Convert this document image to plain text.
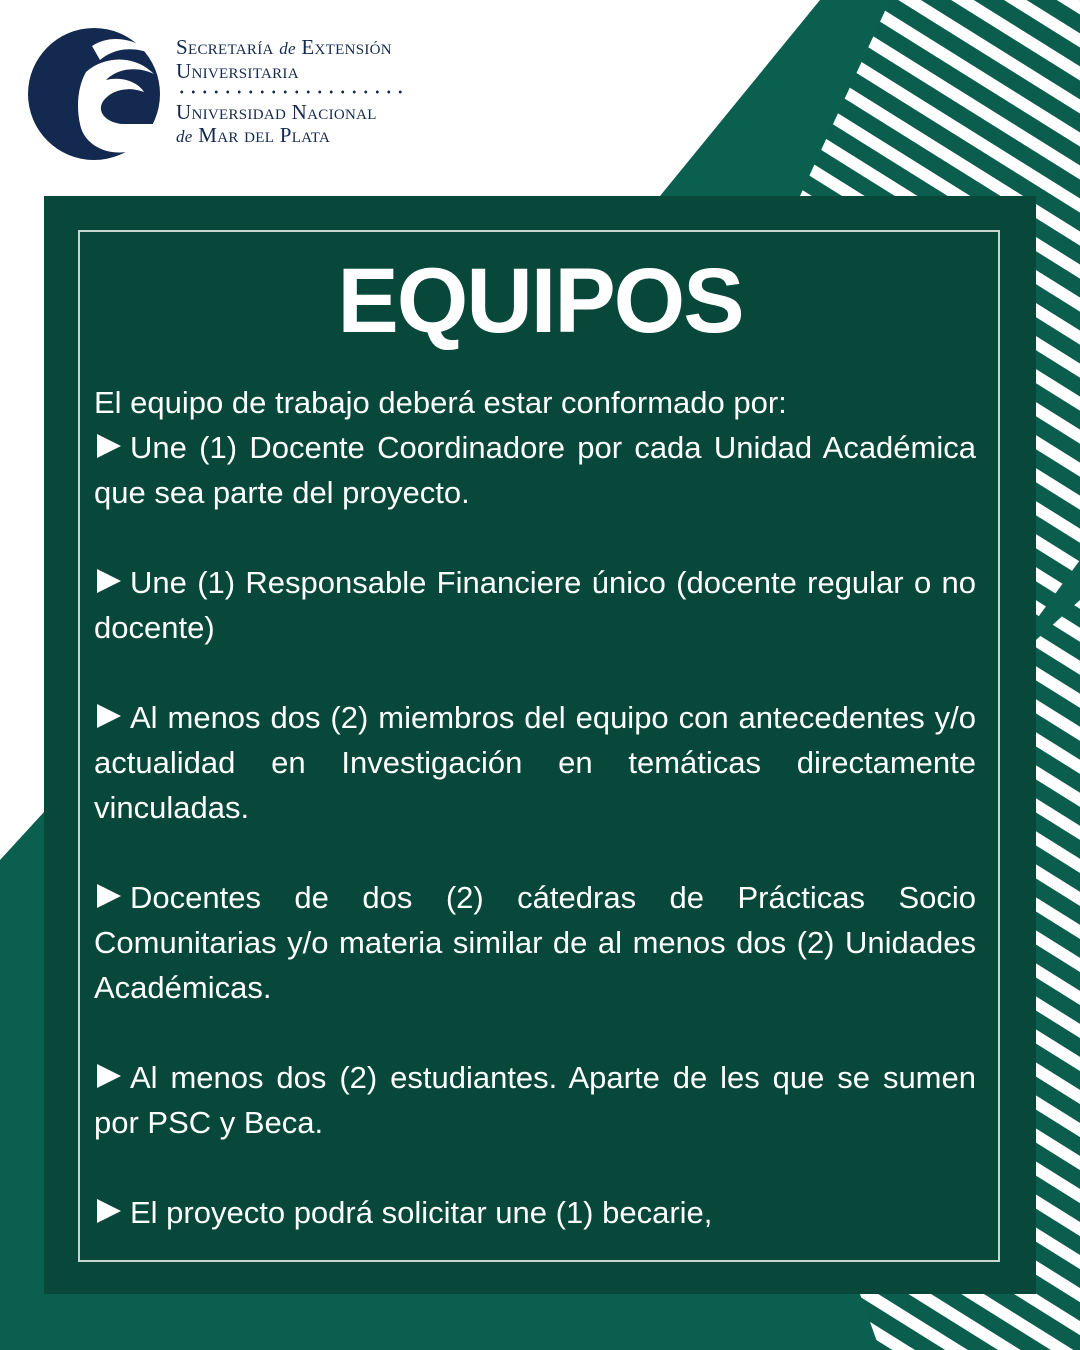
Secretaría de Extensión
Universitaria
Universidad Nacional
de Mar del Plata
EQUIPOS

El equipo de trabajo deberá estar conformado por:

Une (1) Docente Coordinadore por cada Unidad Académica que sea parte del proyecto.

Une (1) Responsable Financiere único (docente regular o no docente)

Al menos dos (2) miembros del equipo con antecedentes y/o actualidad en Investigación en temáticas directamente vinculadas.

Docentes de dos (2) cátedras de Prácticas Socio Comunitarias y/o materia similar de al menos dos (2) Unidades Académicas.

Al menos dos (2) estudiantes. Aparte de les que se sumen por PSC y Beca.

El proyecto podrá solicitar une (1) becarie,
